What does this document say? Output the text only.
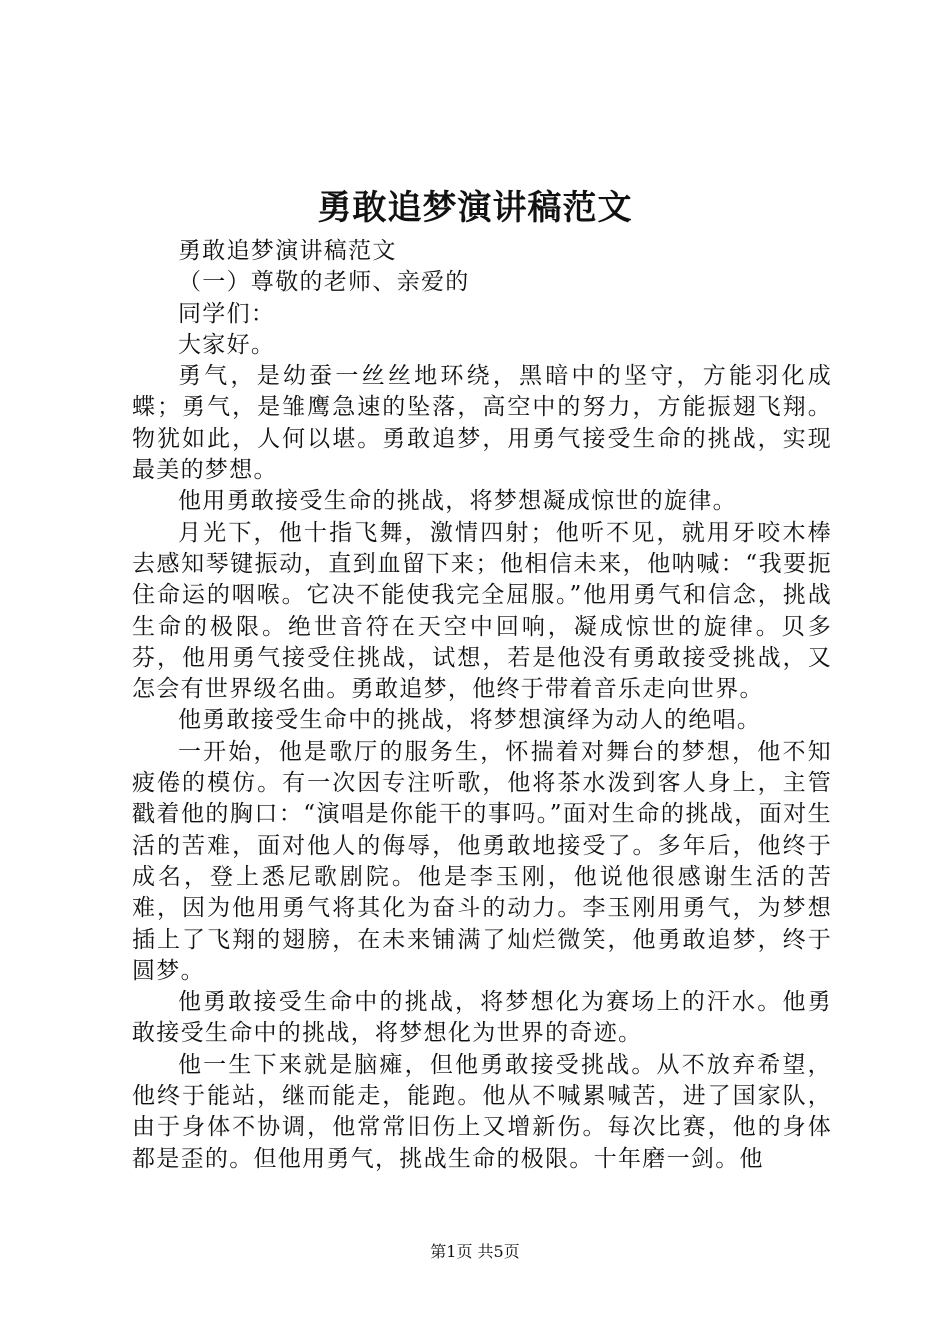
勇敢追梦演讲稿范文

勇敢追梦演讲稿范文

（一）尊敬的老师、亲爱的

同学们：

大家好。

勇气，是幼蚕一丝丝地环绕，黑暗中的坚守，方能羽化成蝶；勇气，是雏鹰急速的坠落，高空中的努力，方能振翅飞翔。物犹如此，人何以堪。勇敢追梦，用勇气接受生命的挑战，实现最美的梦想。

他用勇敢接受生命的挑战，将梦想凝成惊世的旋律。

月光下，他十指飞舞，激情四射；他听不见，就用牙咬木棒去感知琴键振动，直到血留下来；他相信未来，他呐喊：“我要扼住命运的咽喉。它决不能使我完全屈服。”他用勇气和信念，挑战生命的极限。绝世音符在天空中回响，凝成惊世的旋律。贝多芬，他用勇气接受住挑战，试想，若是他没有勇敢接受挑战，又怎会有世界级名曲。勇敢追梦，他终于带着音乐走向世界。

他勇敢接受生命中的挑战，将梦想演绎为动人的绝唱。

一开始，他是歌厅的服务生，怀揣着对舞台的梦想，他不知疲倦的模仿。有一次因专注听歌，他将茶水泼到客人身上，主管戳着他的胸口：“演唱是你能干的事吗。”面对生命的挑战，面对生活的苦难，面对他人的侮辱，他勇敢地接受了。多年后，他终于成名，登上悉尼歌剧院。他是李玉刚，他说他很感谢生活的苦难，因为他用勇气将其化为奋斗的动力。李玉刚用勇气，为梦想插上了飞翔的翅膀，在未来铺满了灿烂微笑，他勇敢追梦，终于圆梦。

他勇敢接受生命中的挑战，将梦想化为赛场上的汗水。他勇敢接受生命中的挑战，将梦想化为世界的奇迹。

他一生下来就是脑瘫，但他勇敢接受挑战。从不放弃希望，他终于能站，继而能走，能跑。他从不喊累喊苦，进了国家队，由于身体不协调，他常常旧伤上又增新伤。每次比赛，他的身体都是歪的。但他用勇气，挑战生命的极限。十年磨一剑。他

第1页 共5页
